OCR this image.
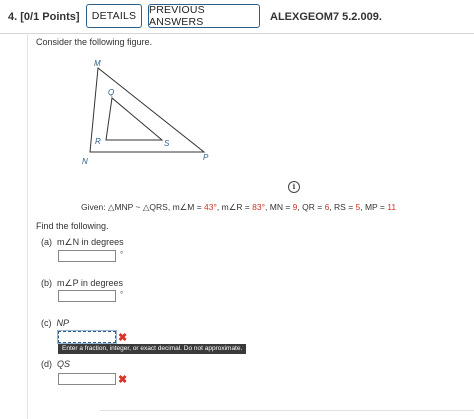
4. [0/1 Points]	DETAILS	PREVIOUS ANSWERS	ALEXGEOM7 5.2.009.
Consider the following figure.
M
Q
R	S
N	P
i
Given: △MNP ~ △QRS, m∠M = 43°, m∠R = 83°, MN = 9, QR = 6, RS = 5, MP = 11
Find the following.
(a) m∠N in degrees
°
(b) m∠P in degrees
°
(c) NP
✖
Enter a fraction, integer, or exact decimal. Do not approximate.
(d) QS
✖
